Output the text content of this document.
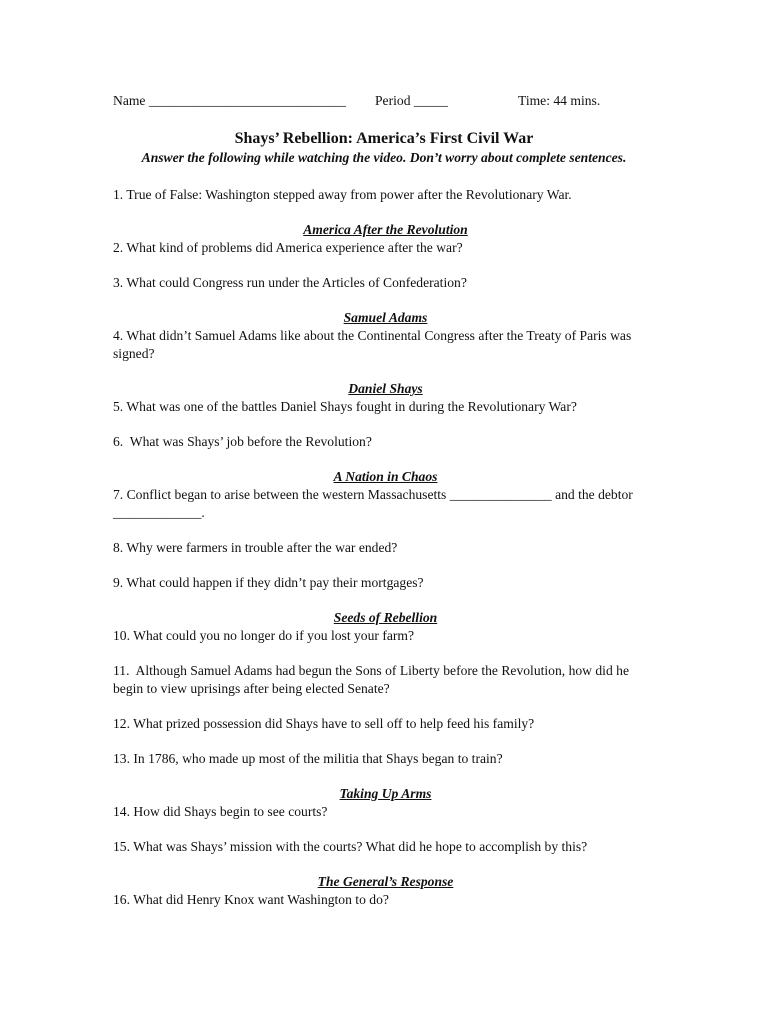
Name _____________________________ Period _____	Time: 44 mins.
Shays’ Rebellion: America’s First Civil War
Answer the following while watching the video. Don’t worry about complete sentences.

1. True of False: Washington stepped away from power after the Revolutionary War.

America After the Revolution

2. What kind of problems did America experience after the war?

3. What could Congress run under the Articles of Confederation?

Samuel Adams

4. What didn’t Samuel Adams like about the Continental Congress after the Treaty of Paris was signed?

Daniel Shays

5. What was one of the battles Daniel Shays fought in during the Revolutionary War?

6.  What was Shays’ job before the Revolution?

A Nation in Chaos

7. Conflict began to arise between the western Massachusetts _______________ and the debtor _____________.

8. Why were farmers in trouble after the war ended?

9. What could happen if they didn’t pay their mortgages?

Seeds of Rebellion

10. What could you no longer do if you lost your farm?

11.  Although Samuel Adams had begun the Sons of Liberty before the Revolution, how did he begin to view uprisings after being elected Senate?

12. What prized possession did Shays have to sell off to help feed his family?

13. In 1786, who made up most of the militia that Shays began to train?

Taking Up Arms

14. How did Shays begin to see courts?

15. What was Shays’ mission with the courts? What did he hope to accomplish by this?

The General’s Response

16. What did Henry Knox want Washington to do?
